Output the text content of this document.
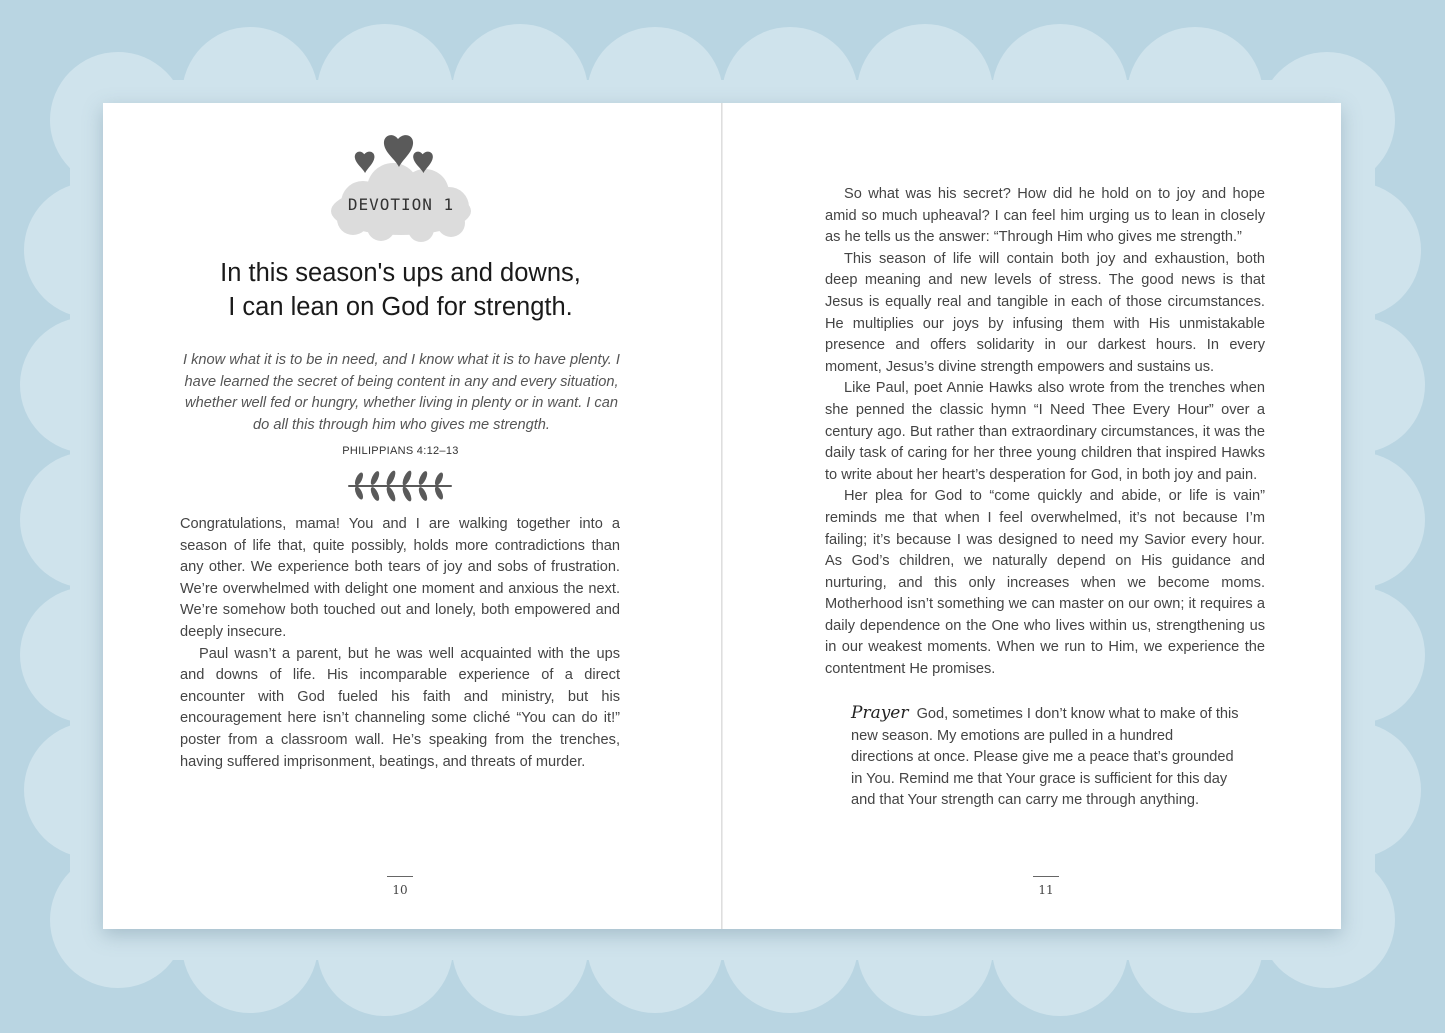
DEVOTION 1
In this season's ups and downs,
I can lean on God for strength.
I know what it is to be in need, and I know what it is to have plenty. I have learned the secret of being content in any and every situation, whether well fed or hungry, whether living in plenty or in want. I can do all this through him who gives me strength.
PHILIPPIANS 4:12–13

Congratulations, mama! You and I are walking together into a season of life that, quite possibly, holds more contradictions than any other. We experience both tears of joy and sobs of frustration. We’re overwhelmed with delight one moment and anxious the next. We’re somehow both touched out and lonely, both empowered and deeply insecure.

Paul wasn’t a parent, but he was well acquainted with the ups and downs of life. His incomparable experience of a direct encounter with God fueled his faith and ministry, but his encouragement here isn’t channeling some cliché “You can do it!” poster from a classroom wall. He’s speaking from the trenches, having suffered imprisonment, beatings, and threats of murder.

10

So what was his secret? How did he hold on to joy and hope amid so much upheaval? I can feel him urging us to lean in closely as he tells us the answer: “Through Him who gives me strength.”

This season of life will contain both joy and exhaustion, both deep meaning and new levels of stress. The good news is that Jesus is equally real and tangible in each of those circumstances. He multiplies our joys by infusing them with His unmistakable presence and offers solidarity in our darkest hours. In every moment, Jesus’s divine strength empowers and sustains us.

Like Paul, poet Annie Hawks also wrote from the trenches when she penned the classic hymn “I Need Thee Every Hour” over a century ago. But rather than extraordinary circumstances, it was the daily task of caring for her three young children that inspired Hawks to write about her heart’s desperation for God, in both joy and pain.

Her plea for God to “come quickly and abide, or life is vain” reminds me that when I feel overwhelmed, it’s not because I’m failing; it’s because I was designed to need my Savior every hour. As God’s children, we naturally depend on His guidance and nurturing, and this only increases when we become moms. Motherhood isn’t something we can master on our own; it requires a daily dependence on the One who lives within us, strengthening us in our weakest moments. When we run to Him, we experience the contentment He promises.

Prayer God, sometimes I don’t know what to make of this new season. My emotions are pulled in a hundred directions at once. Please give me a peace that’s grounded in You. Remind me that Your grace is sufficient for this day and that Your strength can carry me through anything.
11
